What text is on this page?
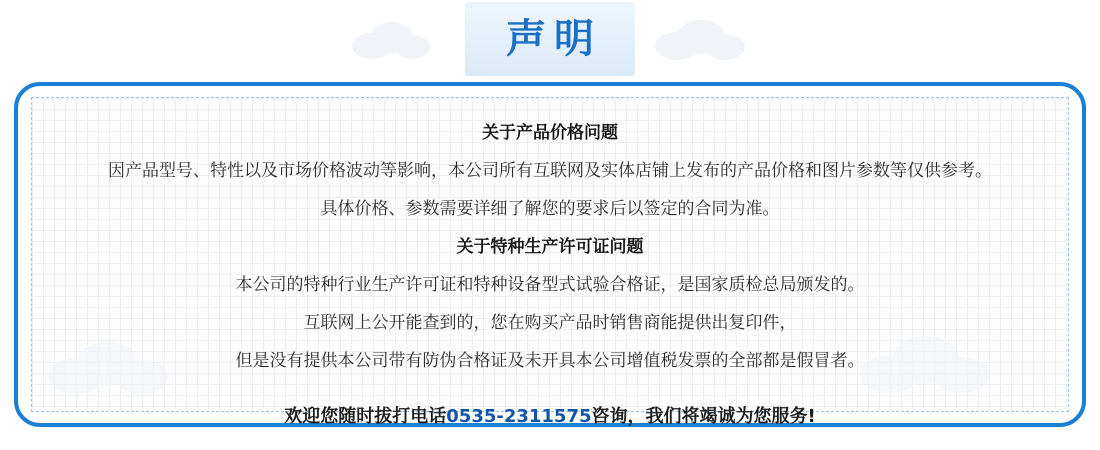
声明
关于产品价格问题
因产品型号、特性以及市场价格波动等影响，本公司所有互联网及实体店铺上发布的产品价格和图片参数等仅供参考。
具体价格、参数需要详细了解您的要求后以签定的合同为准。
关于特种生产许可证问题
本公司的特种行业生产许可证和特种设备型式试验合格证，是国家质检总局颁发的。
互联网上公开能查到的，您在购买产品时销售商能提供出复印件，
但是没有提供本公司带有防伪合格证及未开具本公司增值税发票的全部都是假冒者。
欢迎您随时拔打电话0535-2311575咨询，我们将竭诚为您服务!
